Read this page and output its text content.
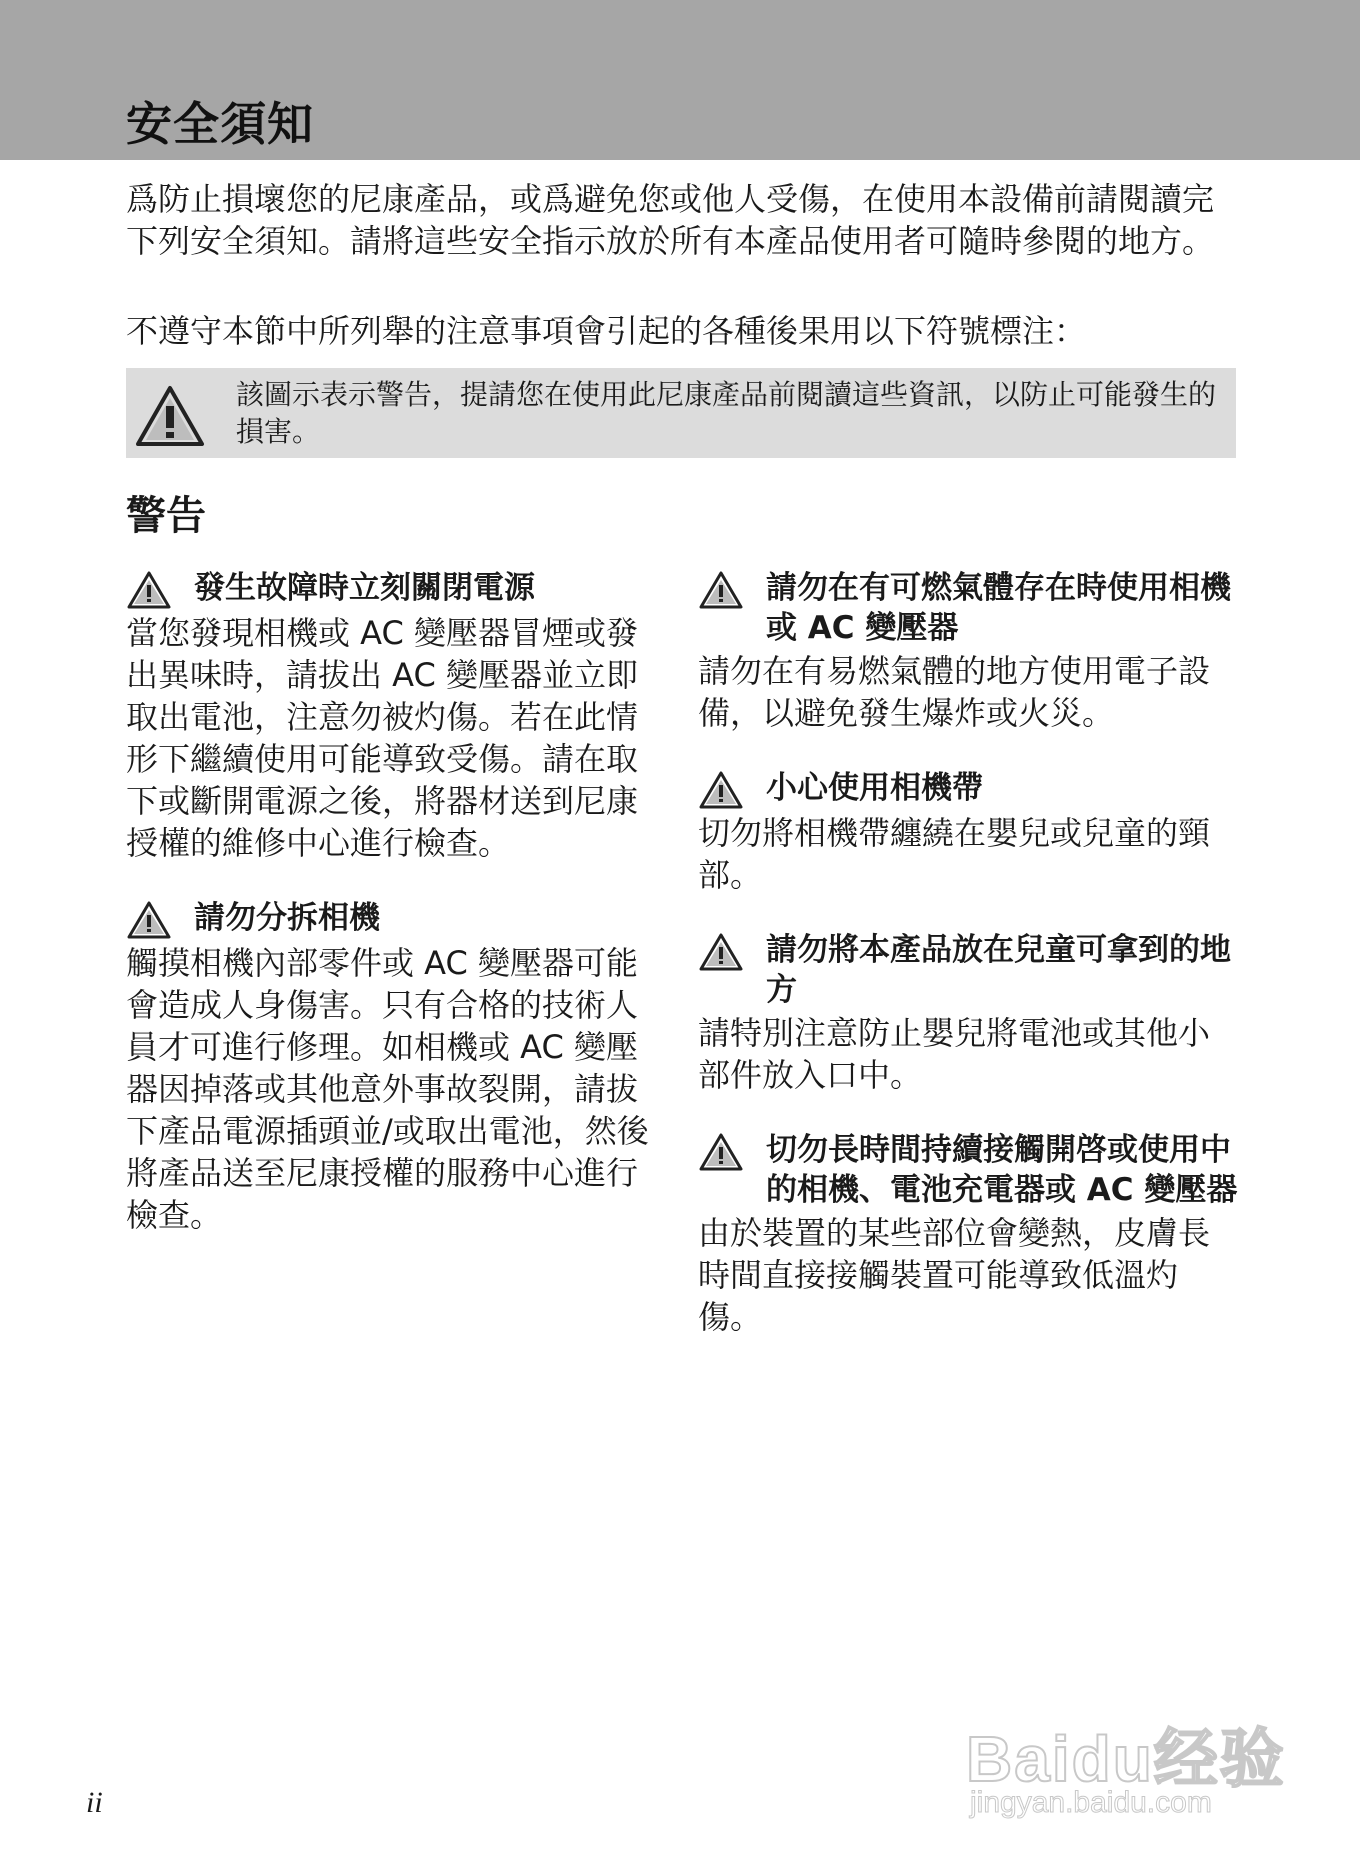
安全須知

爲防止損壞您的尼康產品，或爲避免您或他人受傷，在使用本設備前請閱讀完下列安全須知。請將這些安全指示放於所有本產品使用者可隨時參閱的地方。

不遵守本節中所列舉的注意事項會引起的各種後果用以下符號標注：

該圖示表示警告，提請您在使用此尼康產品前閱讀這些資訊，以防止可能發生的損害。

警告

發生故障時立刻關閉電源

當您發現相機或 AC 變壓器冒煙或發出異味時，請拔出 AC 變壓器並立即取出電池，注意勿被灼傷。若在此情形下繼續使用可能導致受傷。請在取下或斷開電源之後，將器材送到尼康授權的維修中心進行檢查。

請勿分拆相機

觸摸相機內部零件或 AC 變壓器可能會造成人身傷害。只有合格的技術人員才可進行修理。如相機或 AC 變壓器因掉落或其他意外事故裂開，請拔下產品電源插頭並/或取出電池，然後將產品送至尼康授權的服務中心進行檢查。

請勿在有可燃氣體存在時使用相機或 AC 變壓器

請勿在有易燃氣體的地方使用電子設備，以避免發生爆炸或火災。

小心使用相機帶

切勿將相機帶纏繞在嬰兒或兒童的頸部。

請勿將本產品放在兒童可拿到的地方

請特別注意防止嬰兒將電池或其他小部件放入口中。

切勿長時間持續接觸開啓或使用中的相機、電池充電器或 AC 變壓器

由於裝置的某些部位會變熱，皮膚長時間直接接觸裝置可能導致低溫灼傷。

ii
Baidu经验
jingyan.baidu.com
